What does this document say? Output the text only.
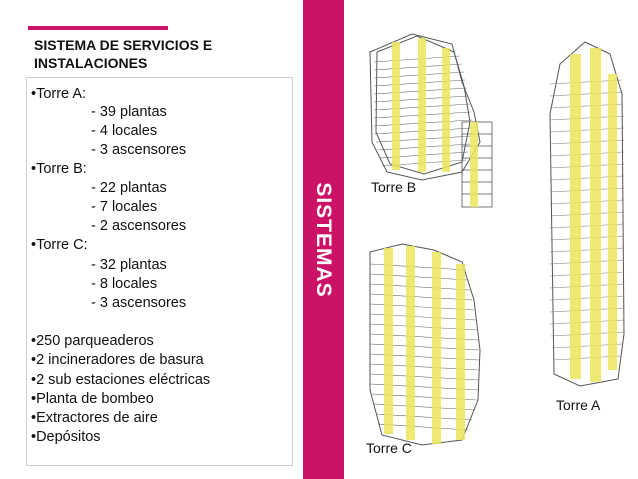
SISTEMA DE SERVICIOS E
INSTALACIONES
•Torre A:
- 39 plantas
- 4 locales
- 3 ascensores
•Torre B:
- 22 plantas
- 7 locales
- 2 ascensores
•Torre C:
- 32 plantas
- 8 locales
- 3 ascensores
•250 parqueaderos
•2 incineradores de basura
•2 sub estaciones eléctricas
•Planta de bombeo
•Extractores de aire
•Depósitos
SISTEMAS	Torre B
Torre C
Torre A
